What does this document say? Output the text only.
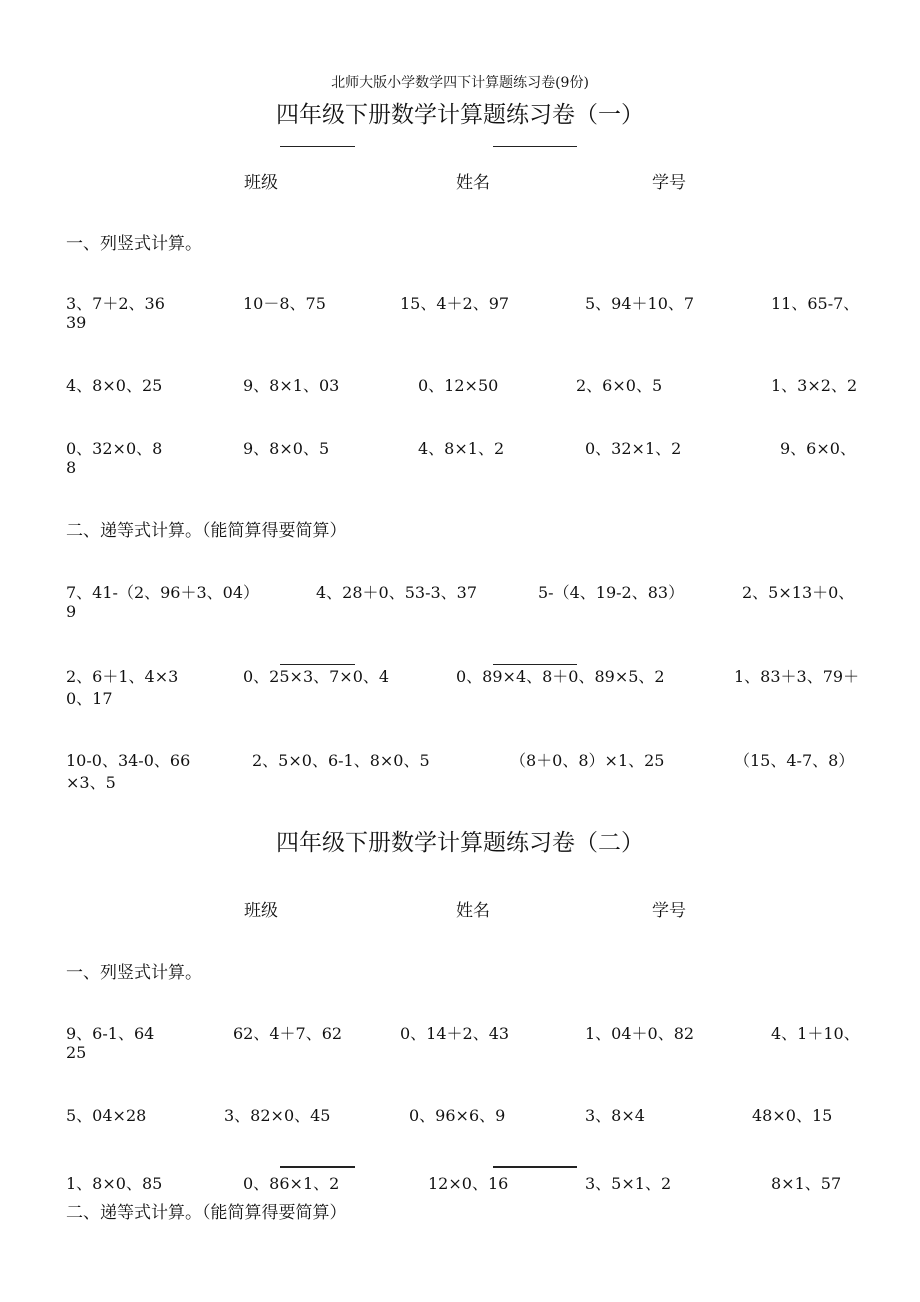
北师大版小学数学四下计算题练习卷(9份)
四年级下册数学计算题练习卷（一）
班级	姓名	学号
一、列竖式计算。
3、7＋2、36	10－8、75	15、4＋2、97	5、94＋10、7	11、65-7、
39
4、8×0、25	9、8×1、03	0、12×50	2、6×0、5	1、3×2、2
0、32×0、8	9、8×0、5	4、8×1、2	0、32×1、2	9、6×0、
8
二、递等式计算。（能简算得要简算）
7、41-（2、96＋3、04）	4、28＋0、53-3、37	5-（4、19-2、83）	2、5×13＋0、
9
2、6＋1、4×3	0、25×3、7×0、4	0、89×4、8＋0、89×5、2	1、83＋3、79＋
0、17
10-0、34-0、66	2、5×0、6-1、8×0、5	（8＋0、8）×1、25	（15、4-7、8）
×3、5
四年级下册数学计算题练习卷（二）
班级	姓名	学号
一、列竖式计算。
9、6-1、64	62、4＋7、62	0、14＋2、43	1、04＋0、82	4、1＋10、
25
5、04×28	3、82×0、45	0、96×6、9	3、8×4	48×0、15
1、8×0、85	0、86×1、2	12×0、16	3、5×1、2	8×1、57
二、递等式计算。（能简算得要简算）
